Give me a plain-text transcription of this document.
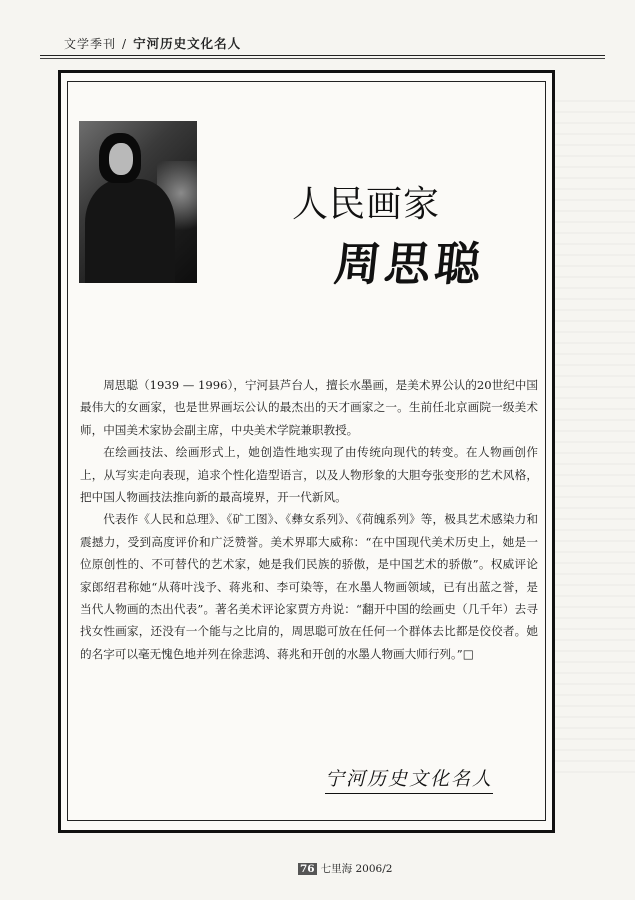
文学季刊 / 宁河历史文化名人
人民画家
周思聪

周思聪（1939 — 1996），宁河县芦台人，擅长水墨画，是美术界公认的20世纪中国最伟大的女画家，也是世界画坛公认的最杰出的天才画家之一。生前任北京画院一级美术师，中国美术家协会副主席，中央美术学院兼职教授。

在绘画技法、绘画形式上，她创造性地实现了由传统向现代的转变。在人物画创作上，从写实走向表现，追求个性化造型语言，以及人物形象的大胆夸张变形的艺术风格，把中国人物画技法推向新的最高境界，开一代新风。

代表作《人民和总理》、《矿工图》、《彝女系列》、《荷魄系列》等，极具艺术感染力和震撼力，受到高度评价和广泛赞誉。美术界耶大威称：“在中国现代美术历史上，她是一位原创性的、不可替代的艺术家，她是我们民族的骄傲，是中国艺术的骄傲”。权威评论家郎绍君称她“从蒋叶浅予、蒋兆和、李可染等，在水墨人物画领域，已有出蓝之誉，是当代人物画的杰出代表”。著名美术评论家贾方舟说：“翻开中国的绘画史（几千年）去寻找女性画家，还没有一个能与之比肩的，周思聪可放在任何一个群体去比都是佼佼者。她的名字可以毫无愧色地并列在徐悲鸿、蒋兆和开创的水墨人物画大师行列。”□

宁河历史文化名人
76 七里海 2006/2
